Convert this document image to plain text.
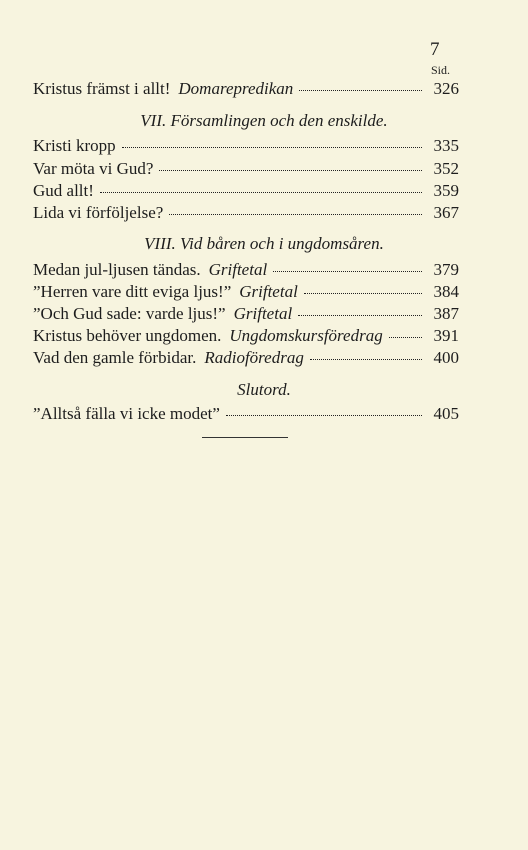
7
Sid.
Kristus främst i allt! Domarepredikan	326
VII. Församlingen och den enskilde.
Kristi kropp	335
Var möta vi Gud?	352
Gud allt!	359
Lida vi förföljelse?	367
VIII. Vid båren och i ungdomsåren.
Medan jul-ljusen tändas. Griftetal	379
”Herren vare ditt eviga ljus!” Griftetal	384
”Och Gud sade: varde ljus!” Griftetal	387
Kristus behöver ungdomen. Ungdomskursföredrag	391
Vad den gamle förbidar. Radioföredrag	400
Slutord.
”Alltså fälla vi icke modet”	405
